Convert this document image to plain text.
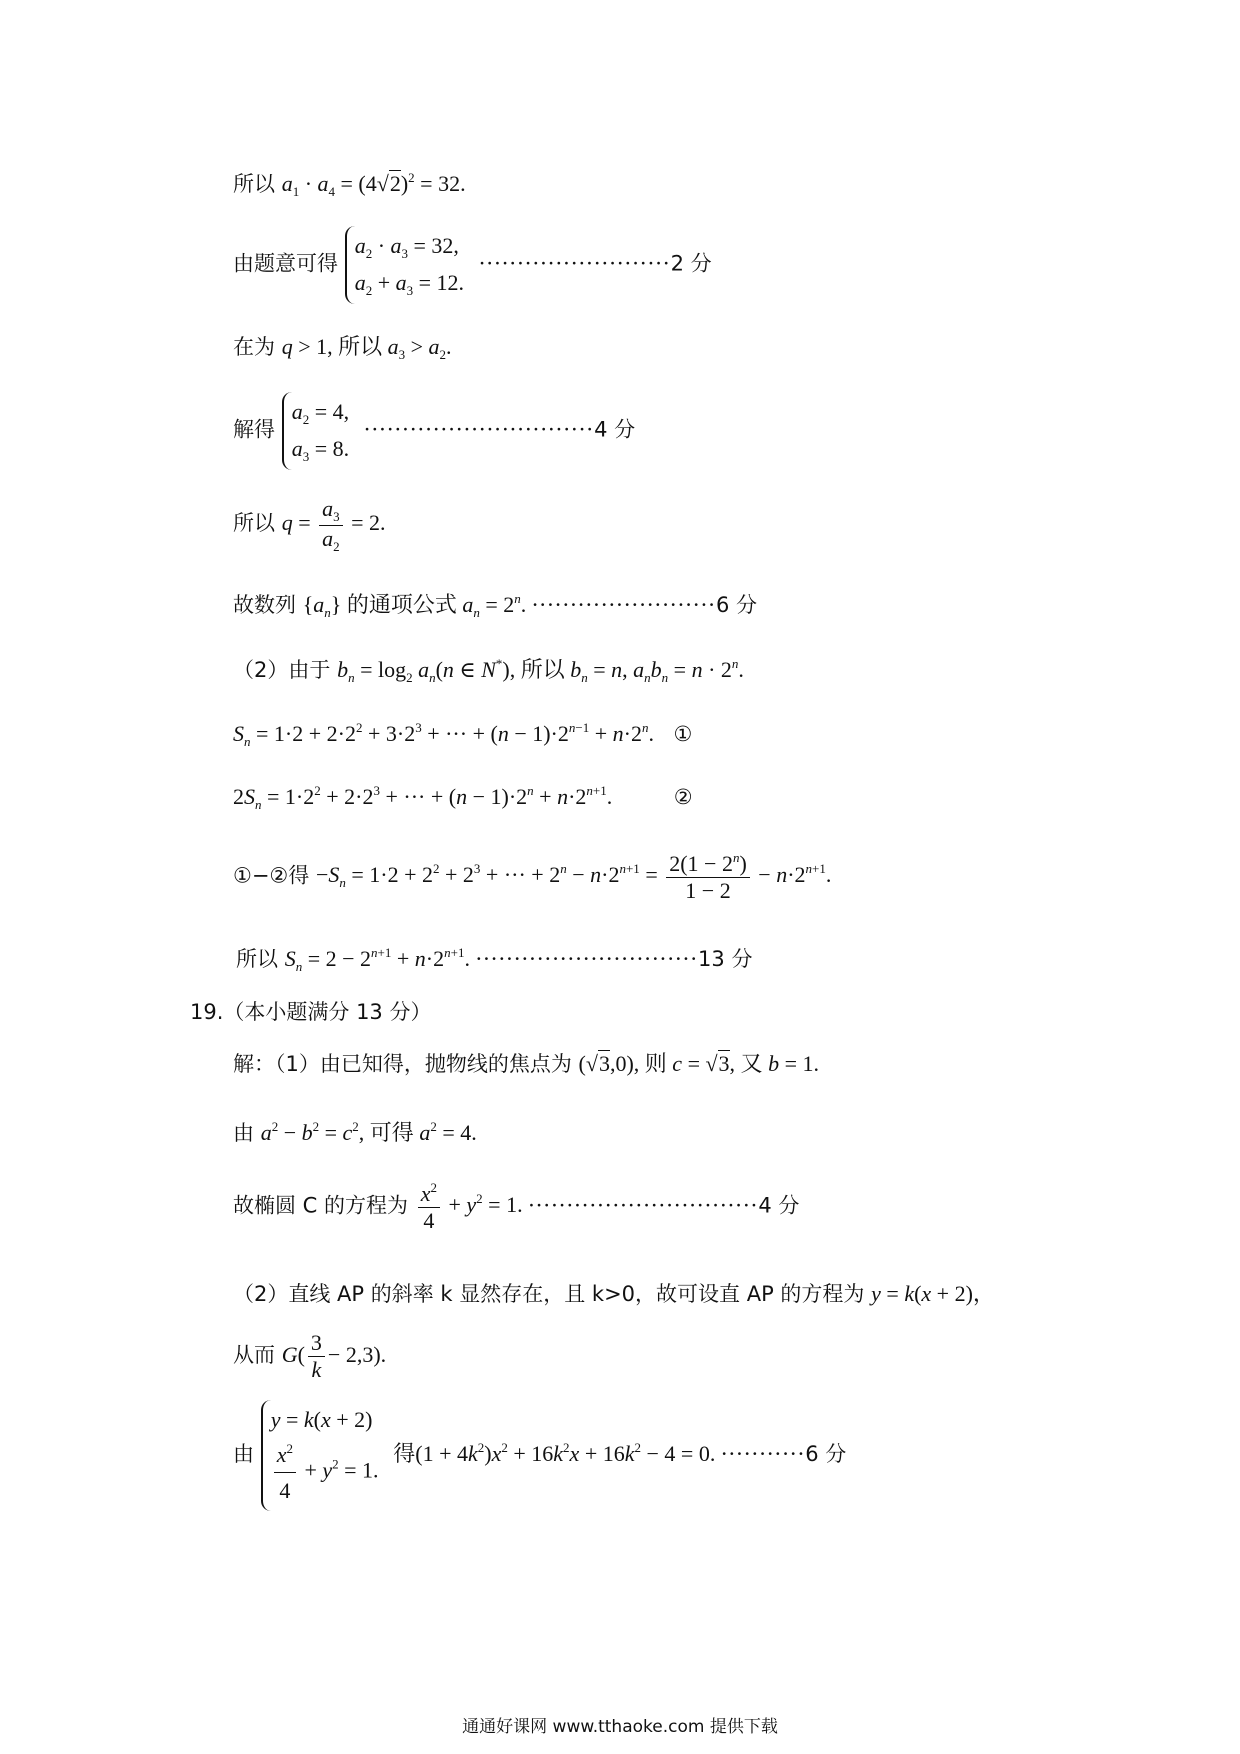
所以 $a_1 \cdot a_4 = (4√2)^2 = 32$.
由题意可得
$a_2 \cdot a_3 = 32$,
$a_2 + a_3 = 12$.
·························2 分
在为 q > 1, 所以 $a_3 > a_2$.
解得
$a_2 = 4$,
$a_3 = 8$.
······························4 分
所以 $q = \frac{a_3}{a_2} = 2$.
故数列 $\{a_n\}$ 的通项公式 $a_n = 2^n$. ························6 分
（2）由于 $b_n = \log_2 a_n(n$ ∈ N*), 所以 $b_n = n$, $a_nb_n = n \cdot 2^n$.
$S_n = 1\cdot 2 + 2\cdot 2^2 + 3\cdot 2^3$ + ··· + $(n - 1)\cdot 2^{n-1} + n\cdot 2^n$. ①
$2S_n = 1\cdot 2^2 + 2\cdot 2^3$ + ··· + $(n - 1)\cdot 2^n + n\cdot 2^{n+1}$.	②
①−②得 $-S_n = 1\cdot 2 + 2^2 + 2^3$ + ··· + $2^n - n\cdot 2^{n+1} = \frac{2(1 - 2^n)}{1 - 2} - n\cdot 2^{n+1}$.
所以 $S_n = 2 - 2^{n+1} + n\cdot 2^{n+1}$. ·····························13 分
19.（本小题满分 13 分）
解：（1）由已知得，抛物线的焦点为 (√3,0), 则 c = √3, 又 b = 1.
由 $a^2 - b^2 = c^2$, 可得 $a^2 = 4$.
故椭圆 C 的方程为 $\frac{x^2}{4} + y^2 = 1$. ······························4 分
（2）直线 AP 的斜率 k 显然存在，且 k>0，故可设直 AP 的方程为 y = k(x + 2)，
从而 $G( \frac{3}{k} - 2,3)$.
由
y = k(x + 2)
$\frac{x^2}{4} + y^2 = 1$.
得$(1 + 4k^2)x^2 + 16k^2x + 16k^2 - 4 = 0$. ···········6 分
通通好课网 www.tthaoke.com 提供下载
